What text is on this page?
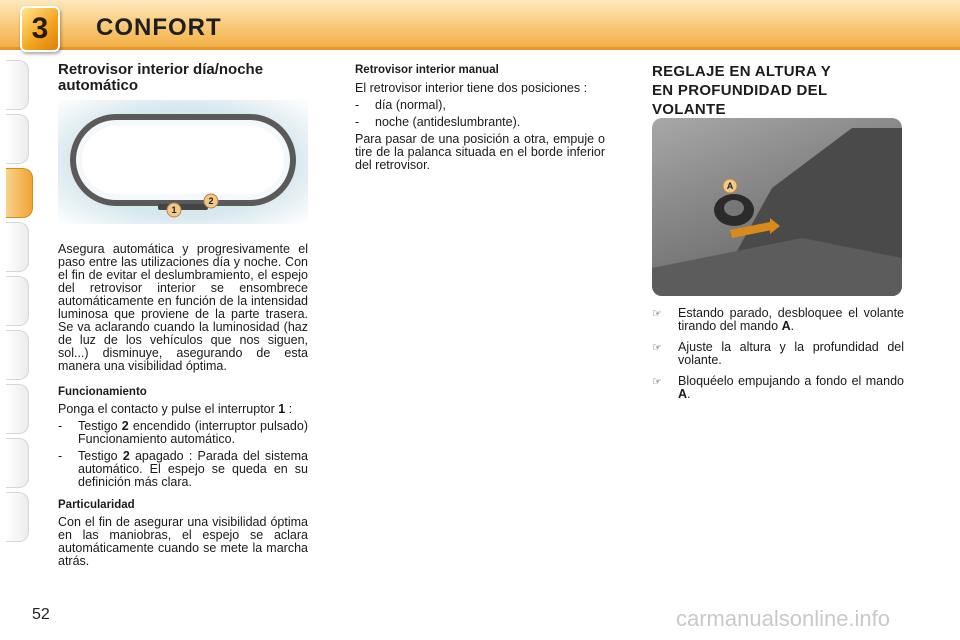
3	CONFORT
Retrovisor interior día/noche automático
1
2

Asegura automática y progresivamente el paso entre las utilizaciones día y noche. Con el fin de evitar el deslumbramiento, el espejo del retrovisor interior se ensombrece automáticamente en función de la intensidad luminosa que proviene de la parte trasera. Se va aclarando cuando la luminosidad (haz de luz de los vehículos que nos siguen, sol...) disminuye, asegurando de esta manera una visibilidad óptima.

Funcionamiento

Ponga el contacto y pulse el interruptor 1 :

-	Testigo 2 encendido (interruptor pulsado) Funcionamiento automático.
-	Testigo 2 apagado : Parada del sistema automático. El espejo se queda en su definición más clara.

Particularidad

Con el fin de asegurar una visibilidad óptima en las maniobras, el espejo se aclara automáticamente cuando se mete la marcha atrás.

Retrovisor interior manual

El retrovisor interior tiene dos posiciones :

-	día (normal),
-	noche (antideslumbrante).

Para pasar de una posición a otra, empuje o tire de la palanca situada en el borde inferior del retrovisor.

REGLAJE EN ALTURA Y
EN PROFUNDIDAD DEL
VOLANTE
A
☞	Estando parado, desbloquee el volante tirando del mando A.
☞	Ajuste la altura y la profundidad del volante.
☞	Bloquéelo empujando a fondo el mando A.
52	carmanualsonline.info
